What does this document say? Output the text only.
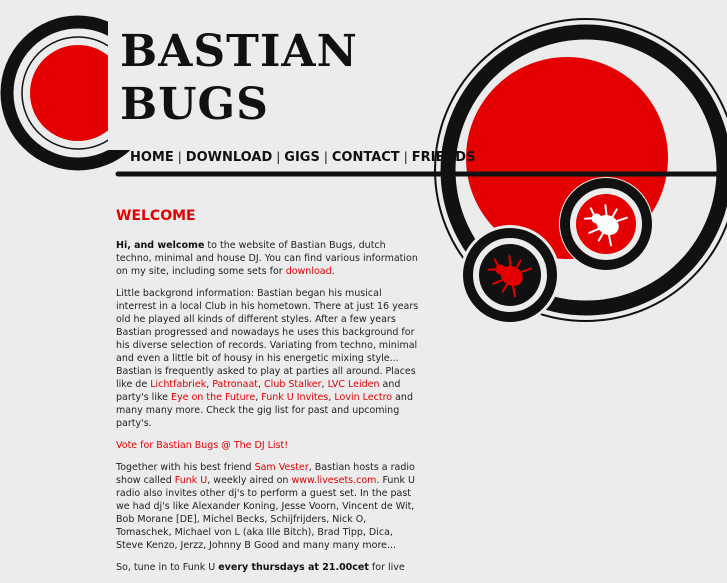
BASTIAN
BUGS
HOME | DOWNLOAD | GIGS | CONTACT | FRIENDS
WELCOME

Hi, and welcome to the website of Bastian Bugs, dutch techno, minimal and house DJ. You can find various information on my site, including some sets for download.

Little backgrond information: Bastian began his musical interrest in a local Club in his hometown. There at just 16 years old he played all kinds of different styles. After a few years Bastian progressed and nowadays he uses this background for his diverse selection of records. Variating from techno, minimal and even a little bit of housy in his energetic mixing style... Bastian is frequently asked to play at parties all around. Places like de Lichtfabriek, Patronaat, Club Stalker, LVC Leiden and party's like Eye on the Future, Funk U Invites, Lovin Lectro and many many more. Check the gig list for past and upcoming party's.

Vote for Bastian Bugs @ The DJ List!

Together with his best friend Sam Vester, Bastian hosts a radio show called Funk U, weekly aired on www.livesets.com. Funk U radio also invites other dj's to perform a guest set. In the past we had dj's like Alexander Koning, Jesse Voorn, Vincent de Wit, Bob Morane [DE], Michel Becks, Schijfrijders, Nick O, Tomaschek, Michael von L (aka Ille Bitch), Brad Tipp, Dica, Steve Kenzo, Jerzz, Johnny B Good and many many more...

So, tune in to Funk U every thursdays at 21.00cet for live
